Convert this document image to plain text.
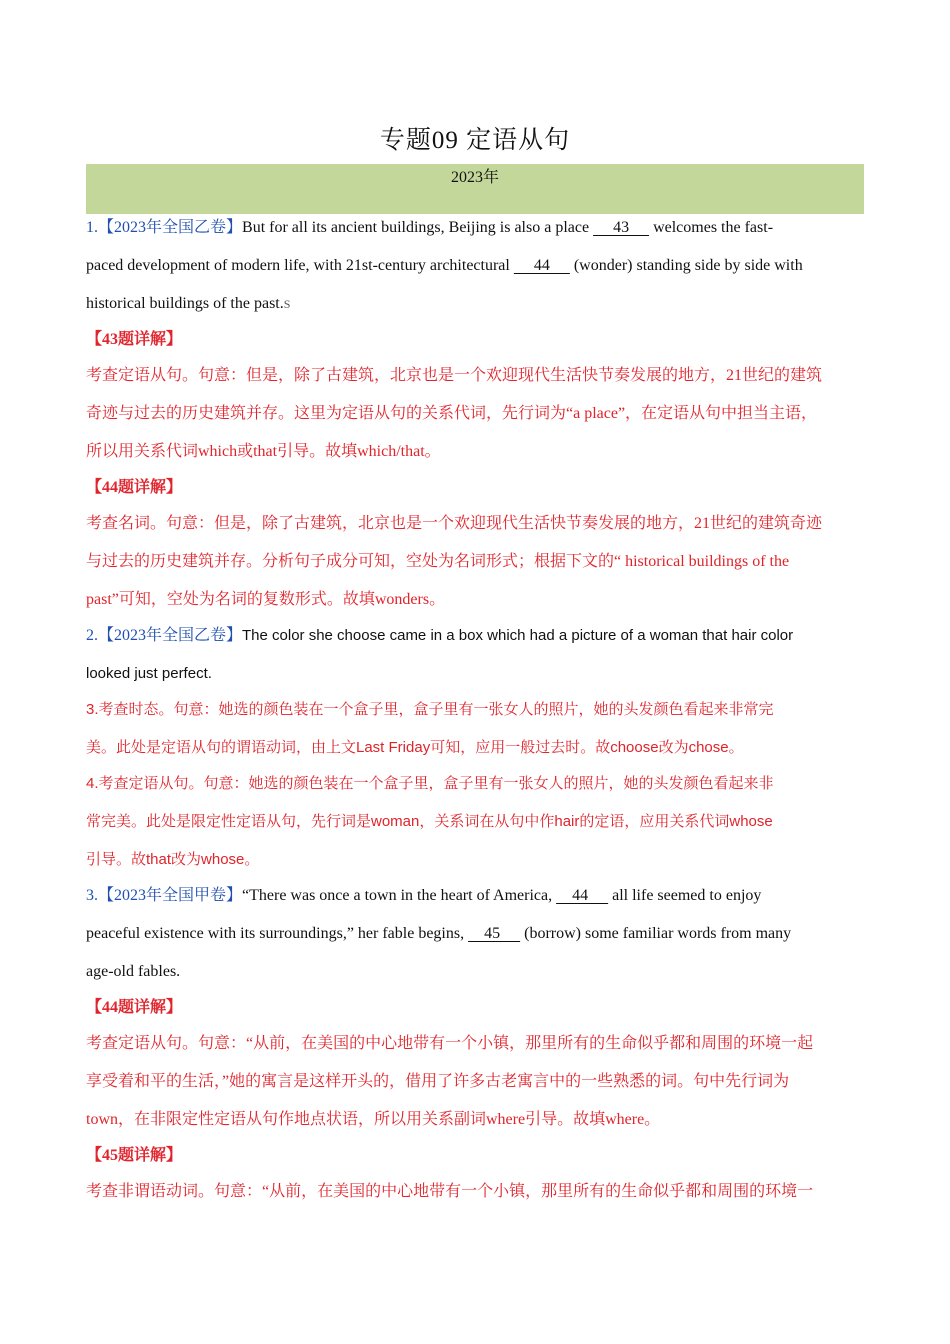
专题09 定语从句
2023年
1.【2023年全国乙卷】But for all its ancient buildings, Beijing is also a place      43      welcomes the fast-
paced development of modern life, with 21st-century architectural      44      (wonder) standing side by side with
historical buildings of the past.S
【43题详解】
考查定语从句。句意：但是，除了古建筑，北京也是一个欢迎现代生活快节奏发展的地方，21世纪的建筑
奇迹与过去的历史建筑并存。这里为定语从句的关系代词，先行词为“a place”，在定语从句中担当主语，
所以用关系代词which或that引导。故填which/that。
【44题详解】
考查名词。句意：但是，除了古建筑，北京也是一个欢迎现代生活快节奏发展的地方，21世纪的建筑奇迹
与过去的历史建筑并存。分析句子成分可知，空处为名词形式；根据下文的“ historical buildings of the
past”可知，空处为名词的复数形式。故填wonders。
2.【2023年全国乙卷】The color she choose came in a box which had a picture of a woman that hair color
looked just perfect.
3.考查时态。句意：她选的颜色装在一个盒子里，盒子里有一张女人的照片，她的头发颜色看起来非常完
美。此处是定语从句的谓语动词，由上文Last Friday可知，应用一般过去时。故choose改为chose。
4.考查定语从句。句意：她选的颜色装在一个盒子里，盒子里有一张女人的照片，她的头发颜色看起来非
常完美。此处是限定性定语从句，先行词是woman，关系词在从句中作hair的定语，应用关系代词whose
引导。故that改为whose。
3.【2023年全国甲卷】“There was once a town in the heart of America,     44      all life seemed to enjoy
peaceful existence with its surroundings,” her fable begins,     45      (borrow) some familiar words from many
age-old fables.
【44题详解】
考查定语从句。句意：“从前，在美国的中心地带有一个小镇，那里所有的生命似乎都和周围的环境一起
享受着和平的生活，”她的寓言是这样开头的，借用了许多古老寓言中的一些熟悉的词。句中先行词为
town，在非限定性定语从句作地点状语，所以用关系副词where引导。故填where。
【45题详解】
考查非谓语动词。句意：“从前，在美国的中心地带有一个小镇，那里所有的生命似乎都和周围的环境一
